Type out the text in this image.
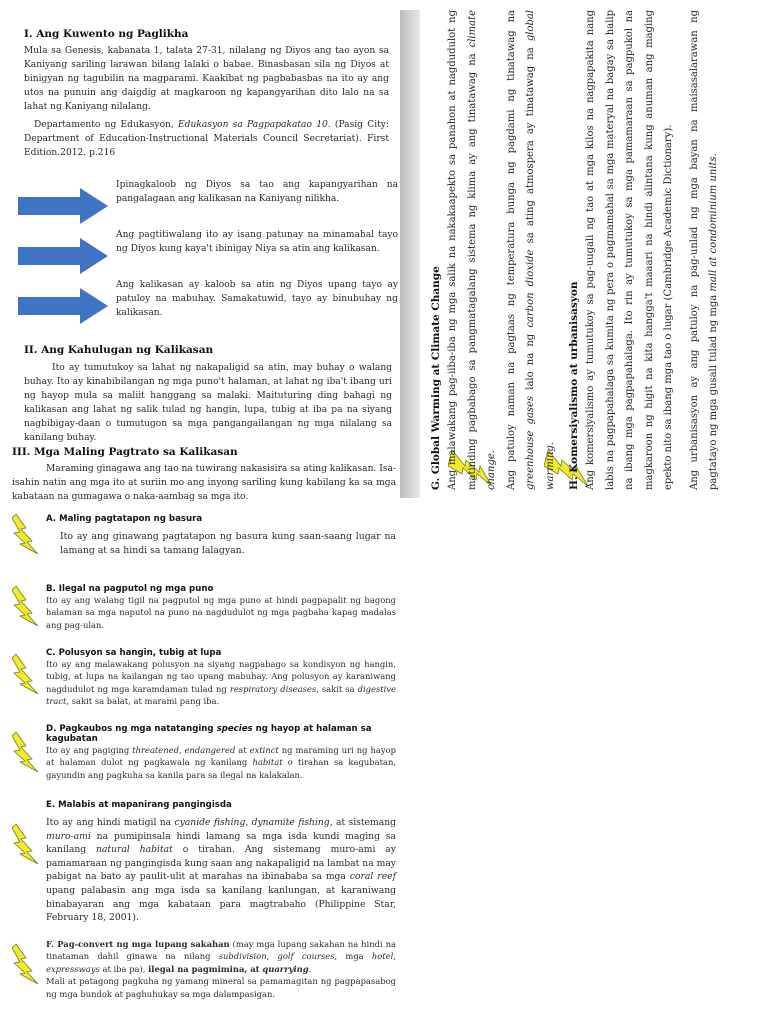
I. Ang Kuwento ng Paglikha

Mula sa Genesis, kabanata 1, talata 27-31, nilalang ng Diyos ang tao ayon sa Kaniyang sariling larawan bilang lalaki o babae. Binasbasan sila ng Diyos at binigyan ng tagubilin na magparami. Kaakibat ng pagbabasbas na ito ay ang utos na punuin ang daigdig at magkaroon ng kapangyarihan dito lalo na sa lahat ng Kaniyang nilalang.

Departamento ng Edukasyon, Edukasyon sa Pagpapakatao 10. (Pasig City: Department of Education-Instructional Materials Council Secretariat). First Edition.2012. p.216

Ipinagkaloob ng Diyos sa tao ang kapangyarihan na pangalagaan ang kalikasan na Kaniyang nilikha.
Ang pagtitiwalang ito ay isang patunay na minamahal tayo ng Diyos kung kaya't ibinigay Niya sa atin ang kalikasan.
Ang kalikasan ay kaloob sa atin ng Diyos upang tayo ay patuloy na mabuhay. Samakatuwid, tayo ay binubuhay ng kalikasan.
II. Ang Kahulugan ng Kalikasan

Ito ay tumutukoy sa lahat ng nakapaligid sa atin, may buhay o walang buhay. Ito ay kinabibilangan ng mga puno't halaman, at lahat ng iba't ibang uri ng hayop mula sa maliit hanggang sa malaki. Maituturing ding bahagi ng kalikasan ang lahat ng salik tulad ng hangin, lupa, tubig at iba pa na siyang nagbibigay-daan o tumutugon sa mga pangangailangan ng mga nilalang sa kanilang buhay.

III. Mga Maling Pagtrato sa Kalikasan

Maraming ginagawa ang tao na tuwirang nakasisira sa ating kalikasan. Isa-isahin natin ang mga ito at suriin mo ang inyong sariling kung kabilang ka sa mga kabataan na gumagawa o naka-aambag sa mga ito.

A. Maling pagtatapon ng basura

Ito ay ang ginawang pagtatapon ng basura kung saan-saang lugar na lamang at sa hindi sa tamang lalagyan.

B. Ilegal na pagputol ng mga puno

Ito ay ang walang tigil na pagputol ng mga puno at hindi pagpapalit ng bagong halaman sa mga naputol na puno na nagdudulot ng mga pagbaha kapag madalas ang pag-ulan.

C. Polusyon sa hangin, tubig at lupa

Ito ay ang malawakang polusyon na siyang nagpabago sa kondisyon ng hangin, tubig, at lupa na kailangan ng tao upang mabuhay. Ang polusyon ay karaniwang nagdudulot ng mga karamdaman tulad ng respiratory diseases, sakit sa digestive tract, sakit sa balat, at marami pang iba.

D. Pagkaubos ng mga natatanging species ng hayop at halaman sa kagubatan

Ito ay ang pagiging threatened, endangered at extinct ng maraming uri ng hayop at halaman dulot ng pagkawala ng kanilang habitat o tirahan sa kagubatan, gayundin ang pagkuha sa kanila para sa ilegal na kalakalan.

E. Malabis at mapanirang pangingisda

Ito ay ang hindi matigil na cyanide fishing, dynamite fishing, at sistemang muro-ami na pumipinsala hindi lamang sa mga isda kundi maging sa kanilang natural habitat o tirahan. Ang sistemang muro-ami ay pamamaraan ng pangingisda kung saan ang nakapaligid na lambat na may pabigat na bato ay paulit-ulit at marahas na ibinababa sa mga coral reef upang palabasin ang mga isda sa kanilang kanlungan, at karaniwang binabayaran ang mga kabataan para magtrabaho (Philippine Star, February 18, 2001).

F. Pag-convert ng mga lupang sakahan (may mga lupang sakahan na hindi na tinataman dahil ginawa na nilang subdivision, golf courses, mga hotel, expressways at iba pa), ilegal na pagmimina, at quarrying.

Mali at patagong pagkuha ng yamang mineral sa pamamagitan ng pagpapasabog ng mga bundok at paghuhukay sa mga dalampasigan.

G. Global Warming at Climate Change Ang malawakang pag-iiba-iba ng mga salik na nakakaapekto sa panahon at nagdudulot ng matinding pagbabago sa pangmatagalang sistema ng klima ay ang tinatawag na climate change. Ang patuloy naman na pagtaas ng temperatura bunga ng pagdami ng tinatawag na greenhouse gases lalo na ng carbon dioxide sa ating atmospera ay tinatawag na global warming.	H. Komersiyalismo at urbanisasyon Ang komersiyalismo ay tumutukoy sa pag-uugali ng tao at mga kilos na nagpapakita nang labis na pagpapahalaga sa kumita ng pera o pagmamahal sa mga materyal na bagay sa halip na ibang mga pagpapahalaga. Ito rin ay tumutukoy sa mga pamamaraan sa pagpukol na magkaroon ng higit na kita hangga't maaari na hindi alintana kung anuman ang maging epekto nito sa ibang mga tao o lugar (Cambridge Academic Dictionary).	Ang urbanisasyon ay ang patuloy na pag-unlad ng mga bayan na maisasalarawan ng pagtatayo ng mga gusali tulad ng mga mall at condominium units.
